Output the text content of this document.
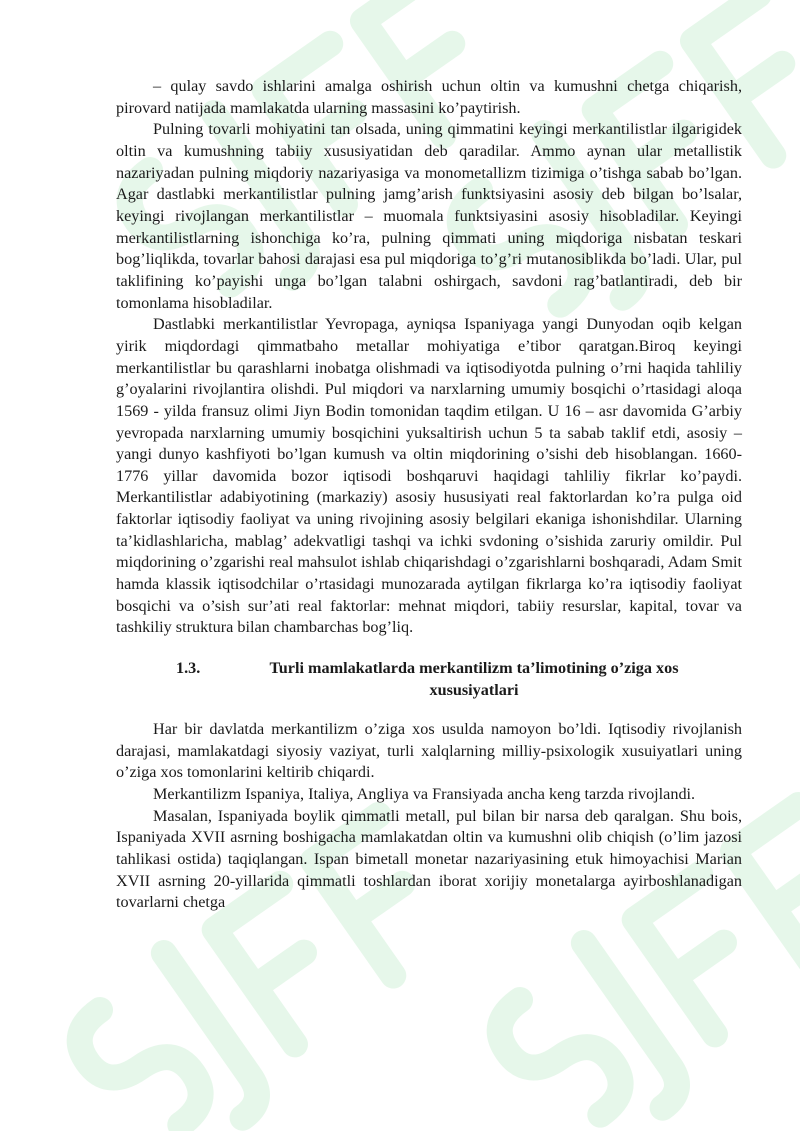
– qulay savdo ishlarini amalga oshirish uchun oltin va kumushni chetga chiqarish, pirovard natijada mamlakatda ularning massasini ko’paytirish.

Pulning tovarli mohiyatini tan olsada, uning qimmatini keyingi merkantilistlar ilgarigidek oltin va kumushning tabiiy xususiyatidan deb qaradilar. Ammo aynan ular metallistik nazariyadan pulning miqdoriy nazariyasiga va monometallizm tizimiga o’tishga sabab bo’lgan. Agar dastlabki merkantilistlar pulning jamg’arish funktsiyasini asosiy deb bilgan bo’lsalar, keyingi rivojlangan merkantilistlar – muomala funktsiyasini asosiy hisobladilar. Keyingi merkantilistlarning ishonchiga ko’ra, pulning qimmati uning miqdoriga nisbatan teskari bog’liqlikda, tovarlar bahosi darajasi esa pul miqdoriga to’g’ri mutanosiblikda bo’ladi. Ular, pul taklifining ko’payishi unga bo’lgan talabni oshirgach, savdoni rag’batlantiradi, deb bir tomonlama hisobladilar.

Dastlabki merkantilistlar Yevropaga, ayniqsa Ispaniyaga yangi Dunyodan oqib kelgan yirik miqdordagi qimmatbaho metallar mohiyatiga e’tibor qaratgan.Biroq keyingi merkantilistlar bu qarashlarni inobatga olishmadi va iqtisodiyotda pulning o’rni haqida tahliliy g’oyalarini rivojlantira olishdi. Pul miqdori va narxlarning umumiy bosqichi o’rtasidagi aloqa 1569 - yilda fransuz olimi Jiyn Bodin tomonidan taqdim etilgan. U 16 – asr davomida G’arbiy yevropada narxlarning umumiy bosqichini yuksaltirish uchun 5 ta sabab taklif etdi, asosiy – yangi dunyo kashfiyoti bo’lgan kumush va oltin miqdorining o’sishi deb hisoblangan. 1660-1776 yillar davomida bozor iqtisodi boshqaruvi haqidagi tahliliy fikrlar ko’paydi. Merkantilistlar adabiyotining (markaziy) asosiy hususiyati real faktorlardan ko’ra pulga oid faktorlar iqtisodiy faoliyat va uning rivojining asosiy belgilari ekaniga ishonishdilar. Ularning ta’kidlashlaricha, mablag’ adekvatligi tashqi va ichki svdoning o’sishida zaruriy omildir. Pul miqdorining o’zgarishi real mahsulot ishlab chiqarishdagi o’zgarishlarni boshqaradi, Adam Smit hamda klassik iqtisodchilar o’rtasidagi munozarada aytilgan fikrlarga ko’ra iqtisodiy faoliyat bosqichi va o’sish sur’ati real faktorlar: mehnat miqdori, tabiiy resurslar, kapital, tovar va tashkiliy struktura bilan chambarchas bog’liq.

1.3.	Turli mamlakatlarda merkantilizm ta’limotining o’ziga xos xususiyatlari

Har bir davlatda merkantilizm o’ziga xos usulda namoyon bo’ldi. Iqtisodiy rivojlanish darajasi, mamlakatdagi siyosiy vaziyat, turli xalqlarning milliy-psixologik xusuiyatlari uning o’ziga xos tomonlarini keltirib chiqardi.

Merkantilizm Ispaniya, Italiya, Angliya va Fransiyada ancha keng tarzda rivojlandi.

Masalan, Ispaniyada boylik qimmatli metall, pul bilan bir narsa deb qaralgan. Shu bois, Ispaniyada XVII asrning boshigacha mamlakatdan oltin va kumushni olib chiqish (o’lim jazosi tahlikasi ostida) taqiqlangan. Ispan bimetall monetar nazariyasining etuk himoyachisi Marian XVII asrning 20-yillarida qimmatli toshlardan iborat xorijiy monetalarga ayirboshlanadigan tovarlarni chetga
